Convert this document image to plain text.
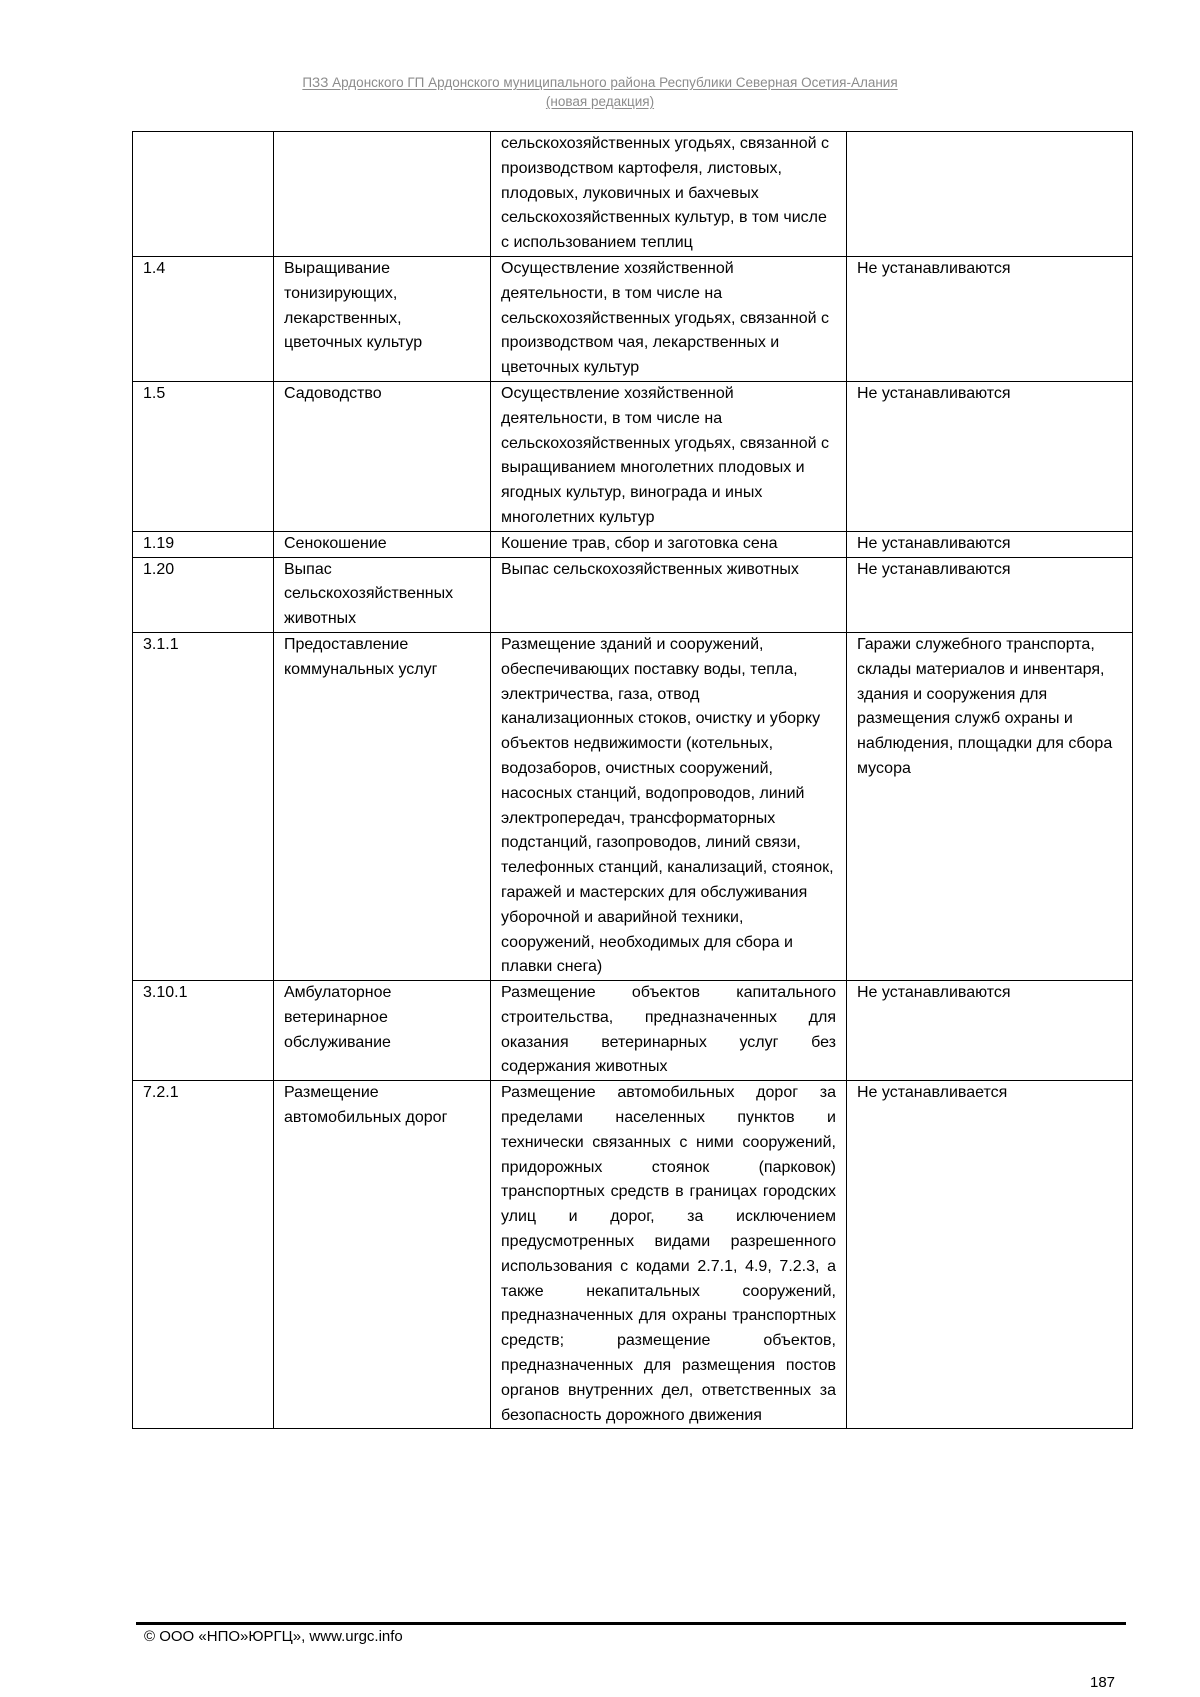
ПЗЗ Ардонского ГП Ардонского муниципального района Республики Северная Осетия-Алания
(новая редакция)
		сельскохозяйственных угодьях, связанной с производством картофеля, листовых, плодовых, луковичных и бахчевых сельскохозяйственных культур, в том числе с использованием теплиц	
1.4	Выращивание тонизирующих, лекарственных, цветочных культур	Осуществление хозяйственной деятельности, в том числе на сельскохозяйственных угодьях, связанной с производством чая, лекарственных и цветочных культур	Не устанавливаются
1.5	Садоводство	Осуществление хозяйственной деятельности, в том числе на сельскохозяйственных угодьях, связанной с выращиванием многолетних плодовых и ягодных культур, винограда и иных многолетних культур	Не устанавливаются
1.19	Сенокошение	Кошение трав, сбор и заготовка сена	Не устанавливаются
1.20	Выпас сельскохозяйственных животных	Выпас сельскохозяйственных животных	Не устанавливаются
3.1.1	Предоставление коммунальных услуг	Размещение зданий и сооружений, обеспечивающих поставку воды, тепла, электричества, газа, отвод канализационных стоков, очистку и уборку объектов недвижимости (котельных, водозаборов, очистных сооружений, насосных станций, водопроводов, линий электропередач, трансформаторных подстанций, газопроводов, линий связи, телефонных станций, канализаций, стоянок, гаражей и мастерских для обслуживания уборочной и аварийной техники, сооружений, необходимых для сбора и плавки снега)	Гаражи служебного транспорта, склады материалов и инвентаря, здания и сооружения для размещения служб охраны и наблюдения, площадки для сбора мусора
3.10.1	Амбулаторное ветеринарное обслуживание	Размещение объектов капитального строительства, предназначенных для оказания ветеринарных услуг без содержания животных	Не устанавливаются
7.2.1	Размещение автомобильных дорог	Размещение автомобильных дорог за пределами населенных пунктов и технически связанных с ними сооружений, придорожных стоянок (парковок) транспортных средств в границах городских улиц и дорог, за исключением предусмотренных видами разрешенного использования с кодами 2.7.1, 4.9, 7.2.3, а также некапитальных сооружений, предназначенных для охраны транспортных средств; размещение объектов, предназначенных для размещения постов органов внутренних дел, ответственных за безопасность дорожного движения	Не устанавливается
© ООО «НПО»ЮРГЦ», www.urgc.info
187
